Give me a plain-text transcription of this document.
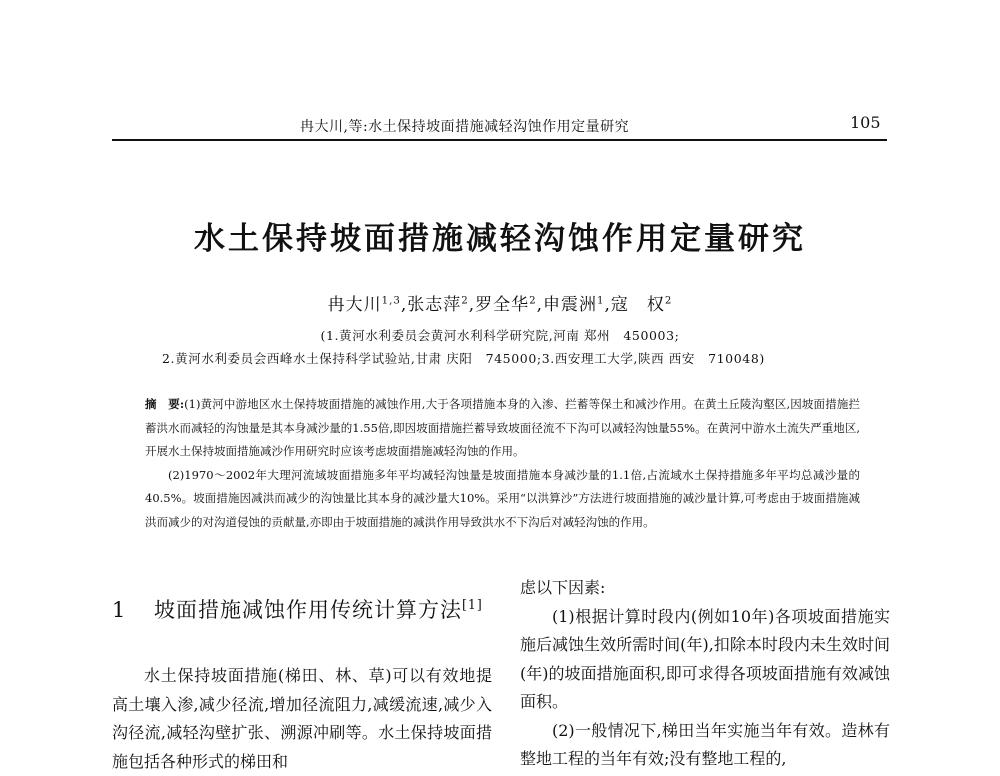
冉大川,等:水土保持坡面措施减轻沟蚀作用定量研究	105
水土保持坡面措施减轻沟蚀作用定量研究
冉大川$^{1,3}$,张志萍$^2$,罗全华$^2$,申震洲$^1$,寇　权$^2$
(1.黄河水利委员会黄河水利科学研究院,河南 郑州　450003;
2.黄河水利委员会西峰水土保持科学试验站,甘肃 庆阳　745000;3.西安理工大学,陕西 西安　710048)

摘　要:(1)黄河中游地区水土保持坡面措施的减蚀作用,大于各项措施本身的入渗、拦蓄等保土和减沙作用。在黄土丘陵沟壑区,因坡面措施拦蓄洪水而减轻的沟蚀量是其本身减沙量的1.55倍,即因坡面措施拦蓄导致坡面径流不下沟可以减轻沟蚀量55%。在黄河中游水土流失严重地区,开展水土保持坡面措施减沙作用研究时应该考虑坡面措施减轻沟蚀的作用。

(2)1970～2002年大理河流域坡面措施多年平均减轻沟蚀量是坡面措施本身减沙量的1.1倍,占流域水土保持措施多年平均总减沙量的40.5%。坡面措施因减洪而减少的沟蚀量比其本身的减沙量大10%。采用“以洪算沙”方法进行坡面措施的减沙量计算,可考虑由于坡面措施减洪而减少的对沟道侵蚀的贡献量,亦即由于坡面措施的减洪作用导致洪水不下沟后对减轻沟蚀的作用。

1 坡面措施减蚀作用传统计算方法[1]

水土保持坡面措施(梯田、林、草)可以有效地提高土壤入渗,减少径流,增加径流阻力,减缓流速,减少入沟径流,减轻沟壁扩张、溯源冲刷等。水土保持坡面措施包括各种形式的梯田和

虑以下因素:

(1)根据计算时段内(例如10年)各项坡面措施实施后减蚀生效所需时间(年),扣除本时段内未生效时间(年)的坡面措施面积,即可求得各项坡面措施有效减蚀面积。

(2)一般情况下,梯田当年实施当年有效。造林有整地工程的当年有效;没有整地工程的,
